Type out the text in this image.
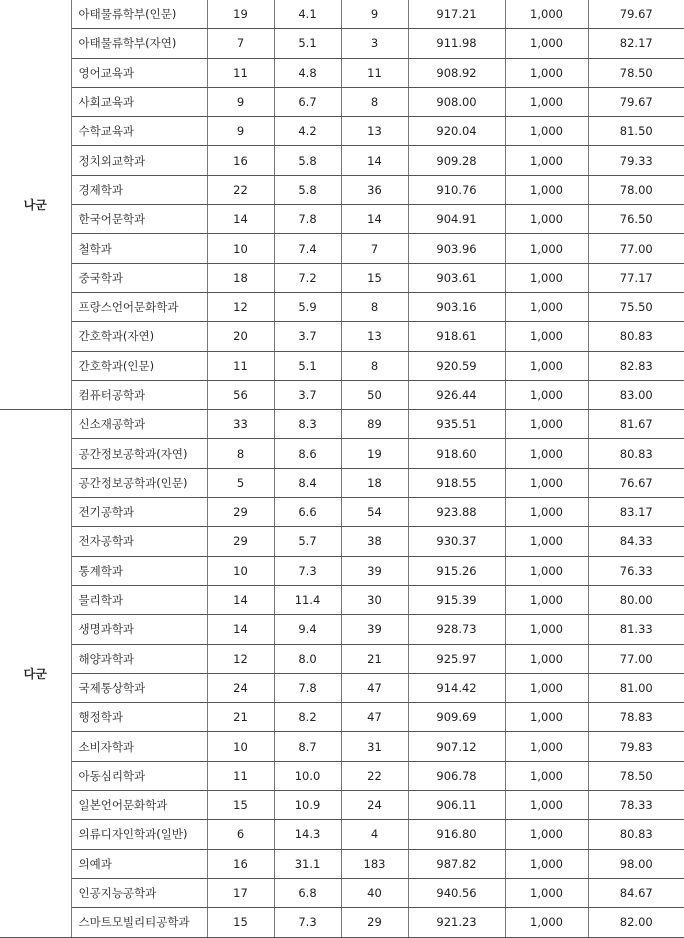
나군	아태물류학부(인문)	19	4.1	9	917.21	1,000	79.67
	아태물류학부(자연)	7	5.1	3	911.98	1,000	82.17
	영어교육과	11	4.8	11	908.92	1,000	78.50
	사회교육과	9	6.7	8	908.00	1,000	79.67
	수학교육과	9	4.2	13	920.04	1,000	81.50
	정치외교학과	16	5.8	14	909.28	1,000	79.33
	경제학과	22	5.8	36	910.76	1,000	78.00
	한국어문학과	14	7.8	14	904.91	1,000	76.50
	철학과	10	7.4	7	903.96	1,000	77.00
	중국학과	18	7.2	15	903.61	1,000	77.17
	프랑스언어문화학과	12	5.9	8	903.16	1,000	75.50
	간호학과(자연)	20	3.7	13	918.61	1,000	80.83
	간호학과(인문)	11	5.1	8	920.59	1,000	82.83
	컴퓨터공학과	56	3.7	50	926.44	1,000	83.00
다군	신소재공학과	33	8.3	89	935.51	1,000	81.67
	공간정보공학과(자연)	8	8.6	19	918.60	1,000	80.83
	공간정보공학과(인문)	5	8.4	18	918.55	1,000	76.67
	전기공학과	29	6.6	54	923.88	1,000	83.17
	전자공학과	29	5.7	38	930.37	1,000	84.33
	통계학과	10	7.3	39	915.26	1,000	76.33
	물리학과	14	11.4	30	915.39	1,000	80.00
	생명과학과	14	9.4	39	928.73	1,000	81.33
	해양과학과	12	8.0	21	925.97	1,000	77.00
	국제통상학과	24	7.8	47	914.42	1,000	81.00
	행정학과	21	8.2	47	909.69	1,000	78.83
	소비자학과	10	8.7	31	907.12	1,000	79.83
	아동심리학과	11	10.0	22	906.78	1,000	78.50
	일본언어문화학과	15	10.9	24	906.11	1,000	78.33
	의류디자인학과(일반)	6	14.3	4	916.80	1,000	80.83
	의예과	16	31.1	183	987.82	1,000	98.00
	인공지능공학과	17	6.8	40	940.56	1,000	84.67
	스마트모빌리티공학과	15	7.3	29	921.23	1,000	82.00
